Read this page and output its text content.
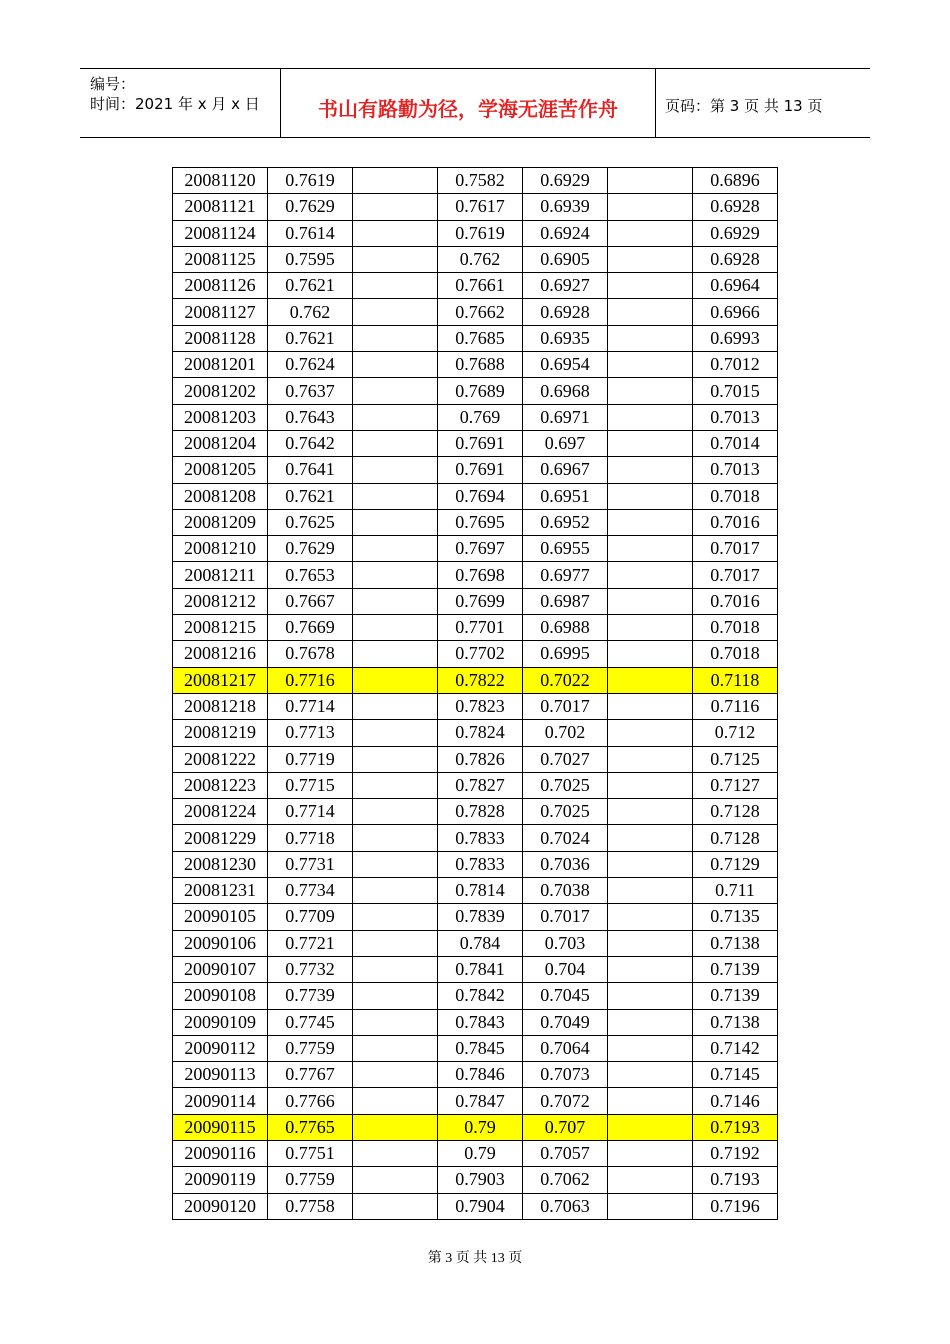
编号：
时间：2021 年 x 月 x 日	书山有路勤为径，学海无涯苦作舟	页码：第 3 页 共 13 页
20081120	0.7619		0.7582	0.6929		0.6896
20081121	0.7629		0.7617	0.6939		0.6928
20081124	0.7614		0.7619	0.6924		0.6929
20081125	0.7595		0.762	0.6905		0.6928
20081126	0.7621		0.7661	0.6927		0.6964
20081127	0.762		0.7662	0.6928		0.6966
20081128	0.7621		0.7685	0.6935		0.6993
20081201	0.7624		0.7688	0.6954		0.7012
20081202	0.7637		0.7689	0.6968		0.7015
20081203	0.7643		0.769	0.6971		0.7013
20081204	0.7642		0.7691	0.697		0.7014
20081205	0.7641		0.7691	0.6967		0.7013
20081208	0.7621		0.7694	0.6951		0.7018
20081209	0.7625		0.7695	0.6952		0.7016
20081210	0.7629		0.7697	0.6955		0.7017
20081211	0.7653		0.7698	0.6977		0.7017
20081212	0.7667		0.7699	0.6987		0.7016
20081215	0.7669		0.7701	0.6988		0.7018
20081216	0.7678		0.7702	0.6995		0.7018
20081217	0.7716		0.7822	0.7022		0.7118
20081218	0.7714		0.7823	0.7017		0.7116
20081219	0.7713		0.7824	0.702		0.712
20081222	0.7719		0.7826	0.7027		0.7125
20081223	0.7715		0.7827	0.7025		0.7127
20081224	0.7714		0.7828	0.7025		0.7128
20081229	0.7718		0.7833	0.7024		0.7128
20081230	0.7731		0.7833	0.7036		0.7129
20081231	0.7734		0.7814	0.7038		0.711
20090105	0.7709		0.7839	0.7017		0.7135
20090106	0.7721		0.784	0.703		0.7138
20090107	0.7732		0.7841	0.704		0.7139
20090108	0.7739		0.7842	0.7045		0.7139
20090109	0.7745		0.7843	0.7049		0.7138
20090112	0.7759		0.7845	0.7064		0.7142
20090113	0.7767		0.7846	0.7073		0.7145
20090114	0.7766		0.7847	0.7072		0.7146
20090115	0.7765		0.79	0.707		0.7193
20090116	0.7751		0.79	0.7057		0.7192
20090119	0.7759		0.7903	0.7062		0.7193
20090120	0.7758		0.7904	0.7063		0.7196
第 3 页 共 13 页
